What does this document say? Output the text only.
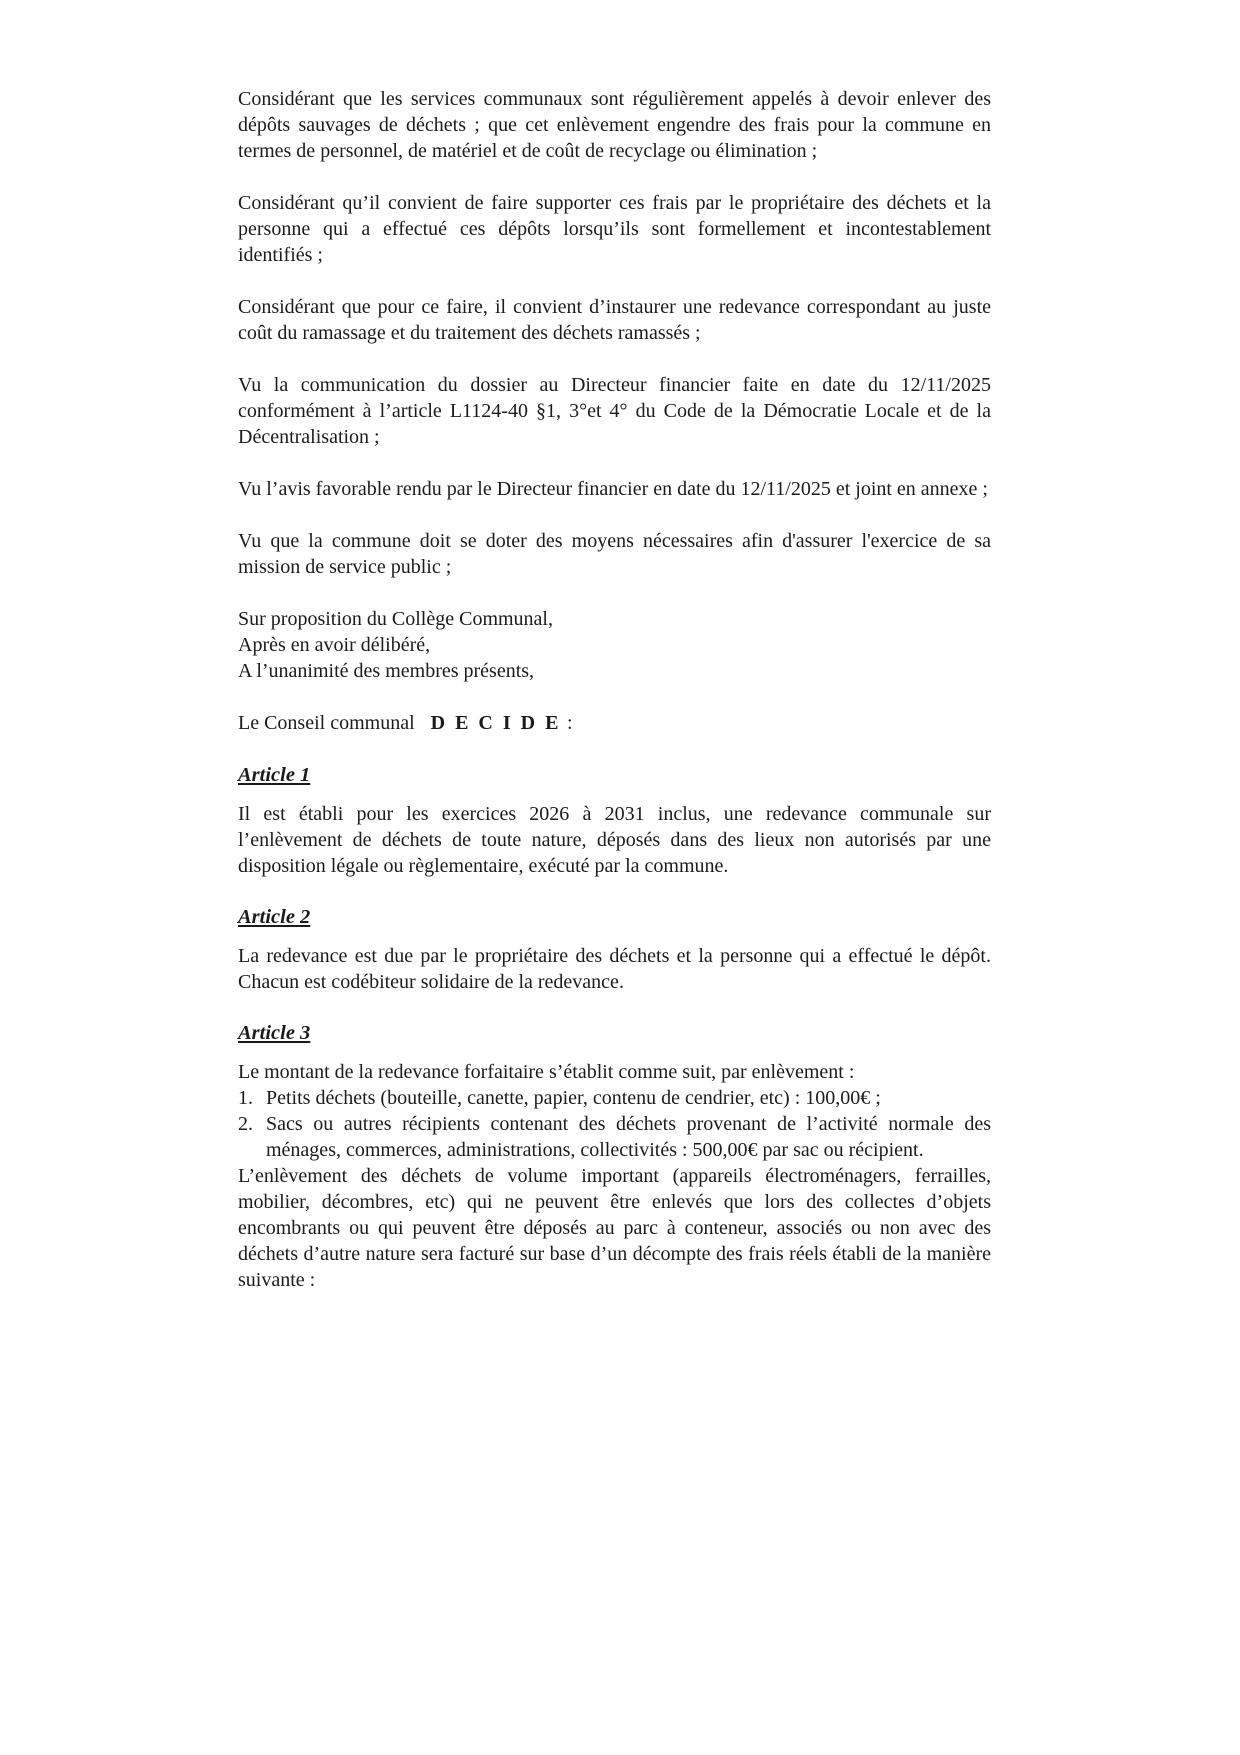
Considérant que les services communaux sont régulièrement appelés à devoir enlever des dépôts sauvages de déchets ; que cet enlèvement engendre des frais pour la commune en termes de personnel, de matériel et de coût de recyclage ou élimination ;

Considérant qu’il convient de faire supporter ces frais par le propriétaire des déchets et la personne qui a effectué ces dépôts lorsqu’ils sont formellement et incontestablement identifiés ;

Considérant que pour ce faire, il convient d’instaurer une redevance correspondant au juste coût du ramassage et du traitement des déchets ramassés ;

Vu la communication du dossier au Directeur financier faite en date du 12/11/2025 conformément à l’article L1124-40 §1, 3°et 4° du Code de la Démocratie Locale et de la Décentralisation ;

Vu l’avis favorable rendu par le Directeur financier en date du 12/11/2025 et joint en annexe ;

Vu que la commune doit se doter des moyens nécessaires afin d'assurer l'exercice de sa mission de service public ;

Sur proposition du Collège Communal,

Après en avoir délibéré,

A l’unanimité des membres présents,

Le Conseil communal D E C I D E :

Article 1

Il est établi pour les exercices 2026 à 2031 inclus, une redevance communale sur l’enlèvement de déchets de toute nature, déposés dans des lieux non autorisés par une disposition légale ou règlementaire, exécuté par la commune.

Article 2

La redevance est due par le propriétaire des déchets et la personne qui a effectué le dépôt. Chacun est codébiteur solidaire de la redevance.

Article 3

Le montant de la redevance forfaitaire s’établit comme suit, par enlèvement :

1. Petits déchets (bouteille, canette, papier, contenu de cendrier, etc) : 100,00€ ;
2. Sacs ou autres récipients contenant des déchets provenant de l’activité normale des ménages, commerces, administrations, collectivités : 500,00€ par sac ou récipient.

L’enlèvement des déchets de volume important (appareils électroménagers, ferrailles, mobilier, décombres, etc) qui ne peuvent être enlevés que lors des collectes d’objets encombrants ou qui peuvent être déposés au parc à conteneur, associés ou non avec des déchets d’autre nature sera facturé sur base d’un décompte des frais réels établi de la manière suivante :
